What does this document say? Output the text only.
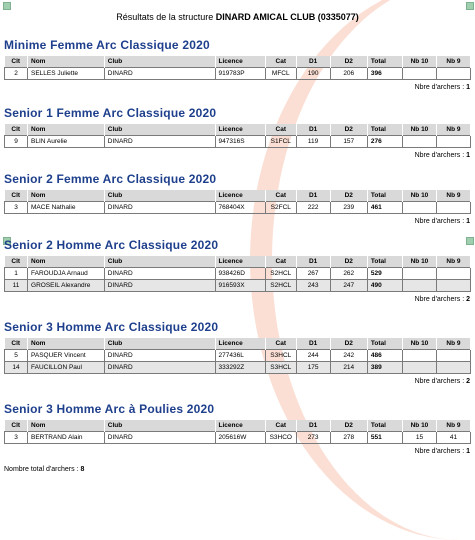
Résultats de la structure DINARD AMICAL CLUB (0335077)
Minime Femme Arc Classique 2020
Clt	Nom	Club	Licence	Cat	D1	D2	Total	Nb 10	Nb 9
2	SELLES Juliette	DINARD	919783P	MFCL	190	206	396		
Nbre d'archers : 1
Senior 1 Femme Arc Classique 2020
Clt	Nom	Club	Licence	Cat	D1	D2	Total	Nb 10	Nb 9
9	BLIN Aurelie	DINARD	947316S	S1FCL	119	157	276		
Nbre d'archers : 1
Senior 2 Femme Arc Classique 2020
Clt	Nom	Club	Licence	Cat	D1	D2	Total	Nb 10	Nb 9
3	MACE Nathalie	DINARD	768404X	S2FCL	222	239	461		
Nbre d'archers : 1
Senior 2 Homme Arc Classique 2020
Clt	Nom	Club	Licence	Cat	D1	D2	Total	Nb 10	Nb 9
1	FAROUDJA Arnaud	DINARD	938426D	S2HCL	267	262	529		
11	GROSEIL Alexandre	DINARD	916593X	S2HCL	243	247	490		
Nbre d'archers : 2
Senior 3 Homme Arc Classique 2020
Clt	Nom	Club	Licence	Cat	D1	D2	Total	Nb 10	Nb 9
5	PASQUER Vincent	DINARD	277436L	S3HCL	244	242	486		
14	FAUCILLON Paul	DINARD	333292Z	S3HCL	175	214	389		
Nbre d'archers : 2
Senior 3 Homme Arc à Poulies 2020
Clt	Nom	Club	Licence	Cat	D1	D2	Total	Nb 10	Nb 9
3	BERTRAND Alain	DINARD	205616W	S3HCO	273	278	551	15	41
Nbre d'archers : 1
Nombre total d'archers : 8
